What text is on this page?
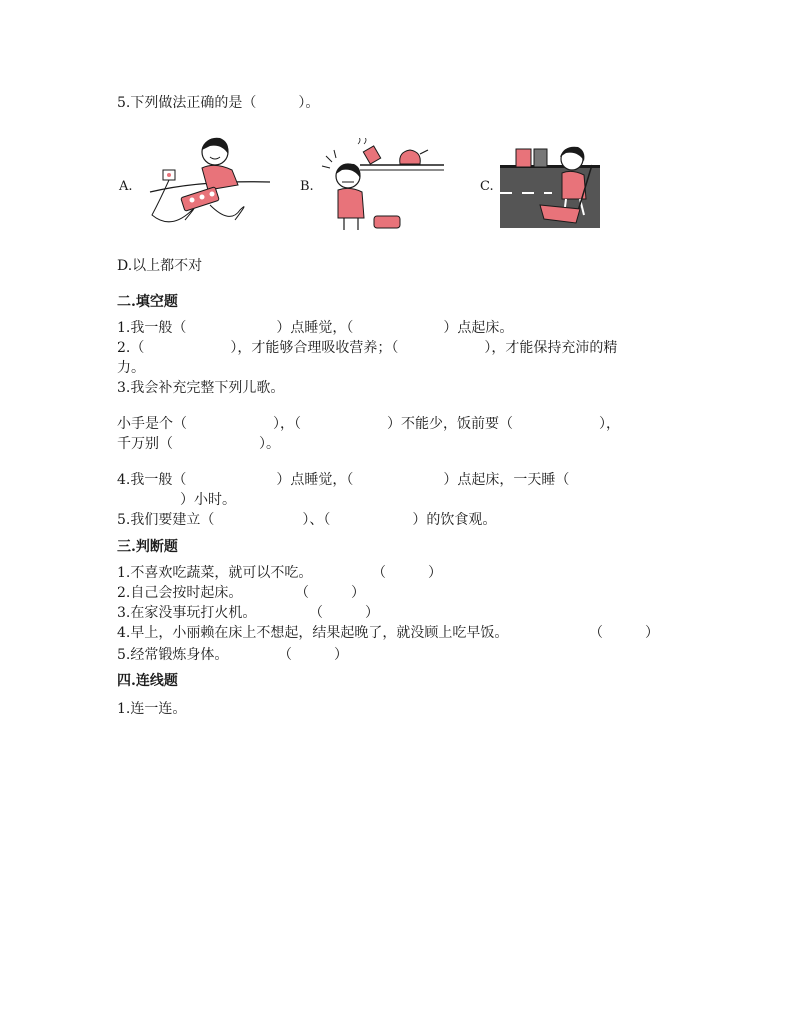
5.下列做法正确的是（　　　）。
A.	B.	C.
D.以上都不对
二.填空题
1.我一般（	）点睡觉，（	）点起床。
2.（	），才能够合理吸收营养；（	），才能保持充沛的精
力。
3.我会补充完整下列儿歌。
小手是个（	），（	）不能少，饭前要（	），
千万别（	）。
4.我一般（	）点睡觉，（	）点起床，一天睡（
）小时。
5.我们要建立（	）、（	）的饮食观。
三.判断题
1.不喜欢吃蔬菜，就可以不吃。	（　　　）
2.自己会按时起床。	（　　　）
3.在家没事玩打火机。	（　　　）
4.早上，小丽赖在床上不想起，结果起晚了，就没顾上吃早饭。	（　　　）
5.经常锻炼身体。	（　　　）
四.连线题
1.连一连。
